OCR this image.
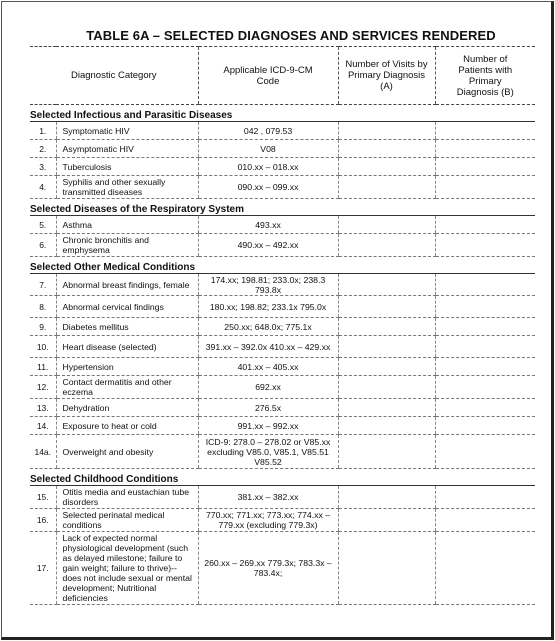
TABLE 6A – SELECTED DIAGNOSES AND SERVICES RENDERED
Diagnostic Category		Applicable ICD-9-CM Code	Number of Visits by Primary Diagnosis (A)	Number of Patients with Primary Diagnosis (B)
Selected Infectious and Parasitic Diseases				
1.	Symptomatic HIV	042 , 079.53		
2.	Asymptomatic HIV	V08		
3.	Tuberculosis	010.xx – 018.xx		
4.	Syphilis and other sexually transmitted diseases	090.xx – 099.xx		
Selected Diseases of the Respiratory System				
5.	Asthma	493.xx		
6.	Chronic bronchitis and emphysema	490.xx – 492.xx		
Selected Other Medical Conditions				
7.	Abnormal breast findings, female	174.xx; 198.81; 233.0x; 238.3 793.8x		
8.	Abnormal cervical findings	180.xx; 198.82; 233.1x 795.0x		
9.	Diabetes mellitus	250.xx; 648.0x; 775.1x		
10.	Heart disease (selected)	391.xx – 392.0x 410.xx – 429.xx		
11.	Hypertension	401.xx – 405.xx		
12.	Contact dermatitis and other eczema	692.xx		
13.	Dehydration	276.5x		
14.	Exposure to heat or cold	991.xx – 992.xx		
14a.	Overweight and obesity	ICD-9: 278.0 – 278.02 or V85.xx excluding V85.0, V85.1, V85.51 V85.52		
Selected Childhood Conditions				
15.	Otitis media and eustachian tube disorders	381.xx – 382.xx		
16.	Selected perinatal medical conditions	770.xx; 771.xx; 773.xx; 774.xx – 779.xx (excluding 779.3x)		
17.	Lack of expected normal physiological development (such as delayed milestone; failure to gain weight; failure to thrive)--does not include sexual or mental development; Nutritional deficiencies	260.xx – 269.xx 779.3x; 783.3x – 783.4x;		
